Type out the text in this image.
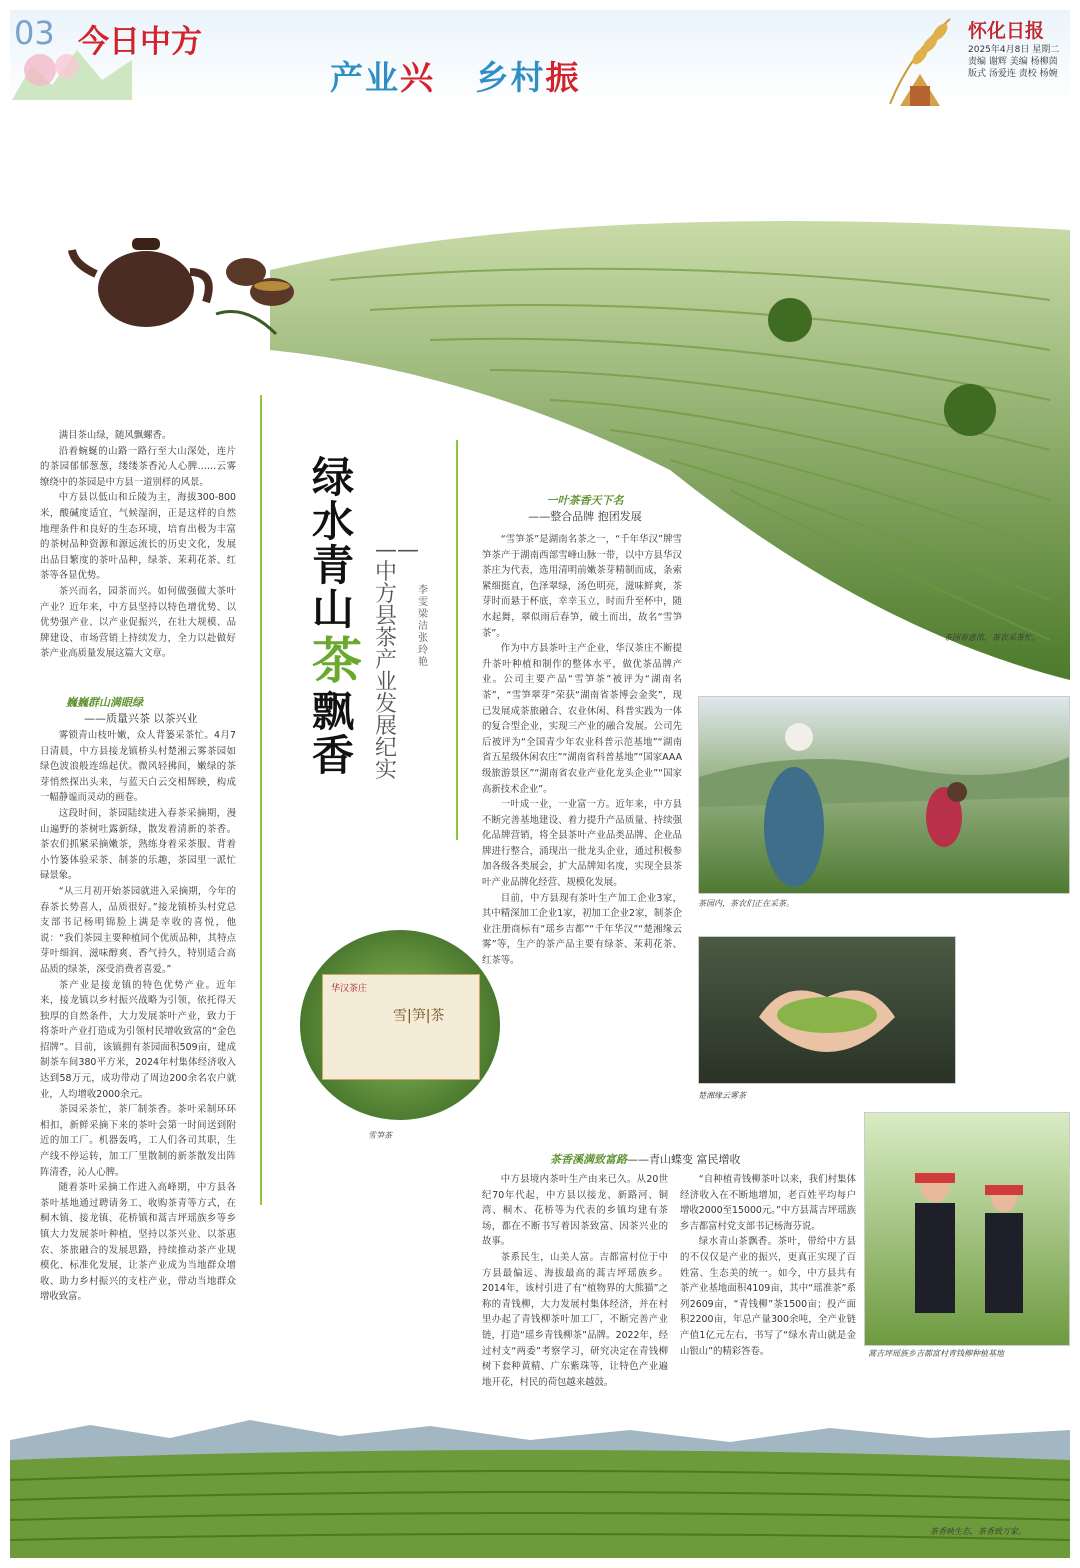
03 今日中方
产业兴 乡村振
怀化日报
2025年4月8日 星期二
责编 谢辉 美编 杨柳茵
版式 汤爱连 责校 杨婉
茶园春意浓，茶农采茶忙。

满目茶山绿，随风飘螺香。

沿着蜿蜒的山路一路行至大山深处，连片的茶园郁郁葱葱，缕缕茶香沁人心脾……云雾缭绕中的茶园是中方县一道别样的风景。

中方县以低山和丘陵为主，海拔300-800米，酸碱度适宜，气候湿润，正是这样的自然地理条件和良好的生态环境，培育出极为丰富的茶树品种资源和源远流长的历史文化，发展出品目繁度的茶叶品种，绿茶、茉莉花茶、红茶等各显优势。

茶兴而名，园茶而兴。如何做强做大茶叶产业？近年来，中方县坚持以特色增优势、以优势强产业、以产业促振兴，在壮大规模、品牌建设、市场营销上持续发力，全力以赴做好茶产业高质量发展这篇大文章。

巍巍群山满眼绿
——质量兴茶 以茶兴业

雾锁青山枝叶嫩，众人背篓采茶忙。4月7日清晨，中方县接龙镇桥头村楚湘云雾茶园如绿色波浪般连绵起伏。微风轻拂间，嫩绿的茶芽悄然探出头来，与蓝天白云交相辉映，构成一幅静谧而灵动的画卷。

这段时间，茶园陆续进入春茶采摘期，漫山遍野的茶树吐露新绿，散发着清新的茶香。茶农们抓紧采摘嫩茶，熟练身着采茶服、背着小竹篓体验采茶、制茶的乐趣，茶园里一派忙碌景象。

“从三月初开始茶园就进入采摘期，今年的春茶长势喜人，品质很好。”接龙镇桥头村党总支部书记杨明锦脸上满是幸收的喜悦，他说：“我们茶园主要种植同个优质品种，其特点芽叶细润、滋味醇爽、香气持久，特别适合高品质的绿茶，深受消费者喜爱。”

茶产业是接龙镇的特色优势产业。近年来，接龙镇以乡村振兴战略为引领，依托得天独厚的自然条件，大力发展茶叶产业，致力于将茶叶产业打造成为引领村民增收致富的“金色招牌”。目前，该镇拥有茶园面积509亩，建成制茶车间380平方米，2024年村集体经济收入达到58万元，成功带动了周边200余名农户就业，人均增收2000余元。

茶园采茶忙，茶厂制茶香。茶叶采制环环相扣，新鲜采摘下来的茶叶会第一时间送到附近的加工厂。机器轰鸣，工人们各司其职，生产线不停运转，加工厂里散制的新茶散发出阵阵清香，沁人心脾。

随着茶叶采摘工作进入高峰期，中方县各茶叶基地通过聘请务工、收购茶青等方式，在桐木镇、接龙镇、花桥镇和蒿吉坪瑶族乡等乡镇大力发展茶叶种植，坚持以茶兴业、以茶惠农、茶旅融合的发展思路，持续推动茶产业规模化、标准化发展，让茶产业成为当地群众增收、助力乡村振兴的支柱产业，带动当地群众增收致富。

绿水青山
茶
飘香
——中方县茶产业发展纪实
李雯 梁洁 张玲艳
华汉茶庄
雪|笋|茶
雪笋茶
一叶茶香天下名
——整合品牌 抱团发展

“雪笋茶”是湖南名茶之一，“千年华汉”牌雪笋茶产于湖南西部雪峰山脉一带，以中方县华汉茶庄为代表，选用清明前嫩茶芽精制而成，条索紧细挺直，色泽翠绿，汤色明亮，滋味鲜爽，茶芽时而悬于杯底，幸幸玉立，时而升至杯中，随水起舞，翠似雨后春笋，破土而出，故名“雪笋茶”。

作为中方县茶叶主产企业，华汉茶庄不断提升茶叶种植和制作的整体水平，做优茶品牌产业。公司主要产品“雪笋茶”被评为“湖南名茶”，“雪笋翠芽”荣获“湖南省茶博会金奖”，现已发展成茶旅融合、农业休闲、科普实践为一体的复合型企业，实现三产业的融合发展。公司先后被评为“全国青少年农业科普示范基地”“湖南省五星级休闲农庄”“湖南省科普基地”“国家AAA级旅游景区”“湖南省农业产业化龙头企业”“国家高新技术企业”。

一叶成一业，一业富一方。近年来，中方县不断完善基地建设、着力提升产品质量、持续强化品牌营销，将全县茶叶产业品类品牌、企业品牌进行整合，涌现出一批龙头企业，通过积极参加各级各类展会，扩大品牌知名度，实现全县茶叶产业品牌化经营、规模化发展。

目前，中方县现有茶叶生产加工企业3家，其中精深加工企业1家，初加工企业2家，制茶企业注册商标有“瑶乡吉都”“千年华汉”“楚湘缘云雾”等，生产的茶产品主要有绿茶、茉莉花茶、红茶等。

茶园内，茶农们正在采茶。
楚湘缘云雾茶
茶香溪满致富路——青山蝶变 富民增收

中方县境内茶叶生产由来已久。从20世纪70年代起，中方县以接龙、新路河、铜湾、桐木、花桥等为代表的乡镇均建有茶场，都在不断书写着因茶致富、因茶兴业的故事。

茶系民生，山美人富。吉都富村位于中方县最偏远、海拔最高的蒿吉坪瑶族乡。2014年，该村引进了有“植物界的大熊猫”之称的青钱柳，大力发展村集体经济，并在村里办起了青钱柳茶叶加工厂，不断完善产业链，打造“瑶乡青钱柳茶”品牌。2022年，经过村支“两委”考察学习，研究决定在青钱柳树下套种黄精、广东紫珠等，让特色产业遍地开花，村民的荷包越来越鼓。

“自种植青钱柳茶叶以来，我们村集体经济收入在不断地增加，老百姓平均每户增收2000至15000元。”中方县蒿吉坪瑶族乡吉都富村党支部书记杨海芬说。

绿水青山茶飘香。茶叶，带给中方县的不仅仅是产业的振兴，更真正实现了百姓富、生态美的统一。如今，中方县共有茶产业基地面积4109亩，其中“瑶准茶”系列2609亩，“青钱柳”茶1500亩；投产面积2200亩，年总产量300余吨，全产业链产值1亿元左右，书写了“绿水青山就是金山银山”的精彩答卷。	蒿吉坪瑶族乡吉都富村青钱柳种植基地
茶香映生态，茶香致万家。
